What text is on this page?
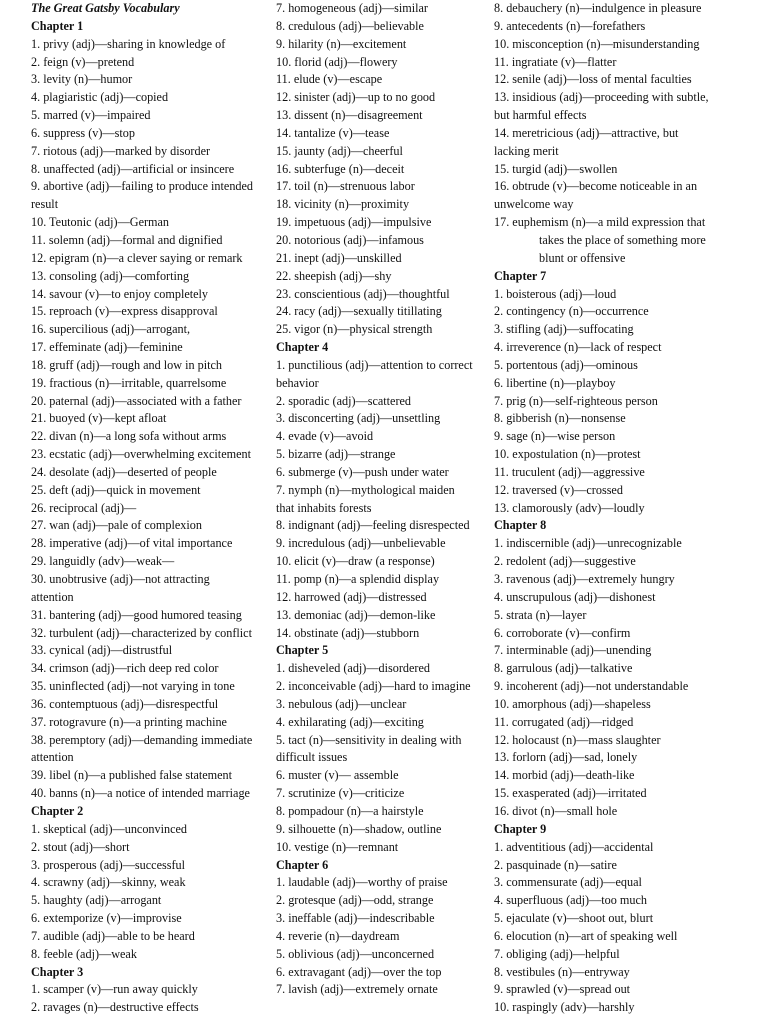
The Great Gatsby Vocabulary
Chapter 1
1. privy (adj)—sharing in knowledge of
2. feign (v)—pretend
3. levity (n)—humor
4. plagiaristic (adj)—copied
5. marred (v)—impaired
6. suppress (v)—stop
7. riotous (adj)—marked by disorder
8. unaffected (adj)—artificial or insincere
9. abortive (adj)—failing to produce intended
result
10. Teutonic (adj)—German
11. solemn (adj)—formal and dignified
12. epigram (n)—a clever saying or remark
13. consoling (adj)—comforting
14. savour (v)—to enjoy completely
15. reproach (v)—express disapproval
16. supercilious (adj)—arrogant,
17. effeminate (adj)—feminine
18. gruff (adj)—rough and low in pitch
19. fractious (n)—irritable, quarrelsome
20. paternal (adj)—associated with a father
21. buoyed (v)—kept afloat
22. divan (n)—a long sofa without arms
23. ecstatic (adj)—overwhelming excitement
24. desolate (adj)—deserted of people
25. deft (adj)—quick in movement
26. reciprocal (adj)—
27. wan (adj)—pale of complexion
28. imperative (adj)—of vital importance
29. languidly (adv)—weak—
30. unobtrusive (adj)—not attracting
attention
31. bantering (adj)—good humored teasing
32. turbulent (adj)—characterized by conflict
33. cynical (adj)—distrustful
34. crimson (adj)—rich deep red color
35. uninflected (adj)—not varying in tone
36. contemptuous (adj)—disrespectful
37. rotogravure (n)—a printing machine
38. peremptory (adj)—demanding immediate
attention
39. libel (n)—a published false statement
40. banns (n)—a notice of intended marriage
Chapter 2
1. skeptical (adj)—unconvinced
2. stout (adj)—short
3. prosperous (adj)—successful
4. scrawny (adj)—skinny, weak
5. haughty (adj)—arrogant
6. extemporize (v)—improvise
7. audible (adj)—able to be heard
8. feeble (adj)—weak
Chapter 3
1. scamper (v)—run away quickly
2. ravages (n)—destructive effects
7. homogeneous (adj)—similar
8. credulous (adj)—believable
9. hilarity (n)—excitement
10. florid (adj)—flowery
11. elude (v)—escape
12. sinister (adj)—up to no good
13. dissent (n)—disagreement
14. tantalize (v)—tease
15. jaunty (adj)—cheerful
16. subterfuge (n)—deceit
17. toil (n)—strenuous labor
18. vicinity (n)—proximity
19. impetuous (adj)—impulsive
20. notorious (adj)—infamous
21. inept (adj)—unskilled
22. sheepish (adj)—shy
23. conscientious (adj)—thoughtful
24. racy (adj)—sexually titillating
25. vigor (n)—physical strength
Chapter 4
1. punctilious (adj)—attention to correct
behavior
2. sporadic (adj)—scattered
3. disconcerting (adj)—unsettling
4. evade (v)—avoid
5. bizarre (adj)—strange
6. submerge (v)—push under water
7. nymph (n)—mythological maiden
that inhabits forests
8. indignant (adj)—feeling disrespected
9. incredulous (adj)—unbelievable
10. elicit (v)—draw (a response)
11. pomp (n)—a splendid display
12. harrowed (adj)—distressed
13. demoniac (adj)—demon-like
14. obstinate (adj)—stubborn
Chapter 5
1. disheveled (adj)—disordered
2. inconceivable (adj)—hard to imagine
3. nebulous (adj)—unclear
4. exhilarating (adj)—exciting
5. tact (n)—sensitivity in dealing with
difficult issues
6. muster (v)— assemble
7. scrutinize (v)—criticize
8. pompadour (n)—a hairstyle
9. silhouette (n)—shadow, outline
10. vestige (n)—remnant
Chapter 6
1. laudable (adj)—worthy of praise
2. grotesque (adj)—odd, strange
3. ineffable (adj)—indescribable
4. reverie (n)—daydream
5. oblivious (adj)—unconcerned
6. extravagant (adj)—over the top
7. lavish (adj)—extremely ornate
8. debauchery (n)—indulgence in pleasure
9. antecedents (n)—forefathers
10. misconception (n)—misunderstanding
11. ingratiate (v)—flatter
12. senile (adj)—loss of mental faculties
13. insidious (adj)—proceeding with subtle,
but harmful effects
14. meretricious (adj)—attractive, but
lacking merit
15. turgid (adj)—swollen
16. obtrude (v)—become noticeable in an
unwelcome way
17. euphemism (n)—a mild expression that
takes the place of something more
blunt or offensive
Chapter 7
1. boisterous (adj)—loud
2. contingency (n)—occurrence
3. stifling (adj)—suffocating
4. irreverence (n)—lack of respect
5. portentous (adj)—ominous
6. libertine (n)—playboy
7. prig (n)—self-righteous person
8. gibberish (n)—nonsense
9. sage (n)—wise person
10. expostulation (n)—protest
11. truculent (adj)—aggressive
12. traversed (v)—crossed
13. clamorously (adv)—loudly
Chapter 8
1. indiscernible (adj)—unrecognizable
2. redolent (adj)—suggestive
3. ravenous (adj)—extremely hungry
4. unscrupulous (adj)—dishonest
5. strata (n)—layer
6. corroborate (v)—confirm
7. interminable (adj)—unending
8. garrulous (adj)—talkative
9. incoherent (adj)—not understandable
10. amorphous (adj)—shapeless
11. corrugated (adj)—ridged
12. holocaust (n)—mass slaughter
13. forlorn (adj)—sad, lonely
14. morbid (adj)—death-like
15. exasperated (adj)—irritated
16. divot (n)—small hole
Chapter 9
1. adventitious (adj)—accidental
2. pasquinade (n)—satire
3. commensurate (adj)—equal
4. superfluous (adj)—too much
5. ejaculate (v)—shoot out, blurt
6. elocution (n)—art of speaking well
7. obliging (adj)—helpful
8. vestibules (n)—entryway
9. sprawled (v)—spread out
10. raspingly (adv)—harshly
